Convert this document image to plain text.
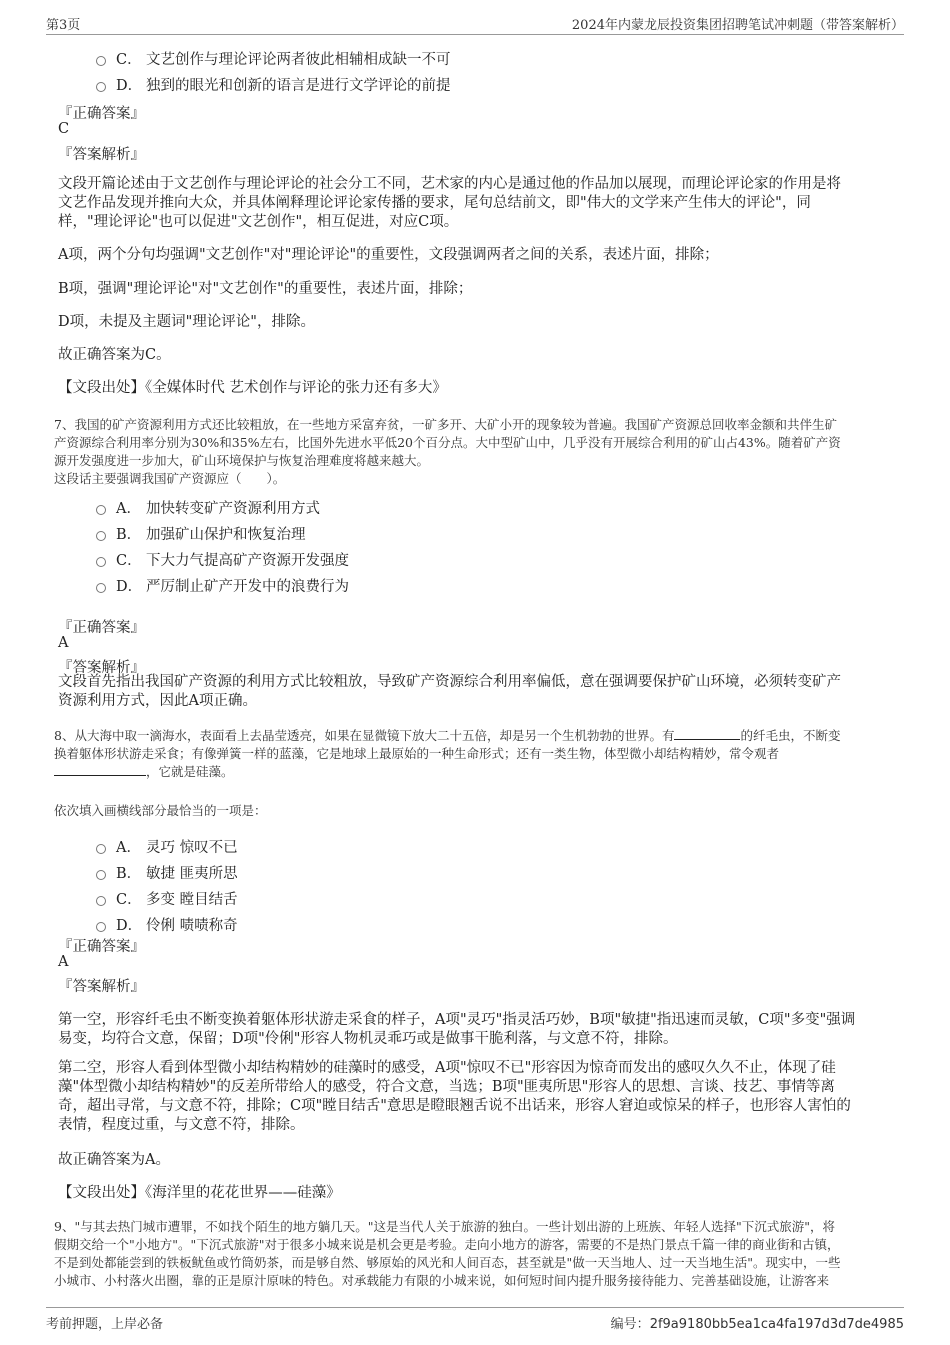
第3页	2024年内蒙龙辰投资集团招聘笔试冲刺题（带答案解析）
C． 文艺创作与理论评论两者彼此相辅相成缺一不可
D． 独到的眼光和创新的语言是进行文学评论的前提
『正确答案』
C
『答案解析』
文段开篇论述由于文艺创作与理论评论的社会分工不同，艺术家的内心是通过他的作品加以展现，而理论评论家的作用是将
文艺作品发现并推向大众，并具体阐释理论评论家传播的要求，尾句总结前文，即"伟大的文学来产生伟大的评论"，同
样，"理论评论"也可以促进"文艺创作"，相互促进，对应C项。
A项，两个分句均强调"文艺创作"对"理论评论"的重要性，文段强调两者之间的关系，表述片面，排除；
B项，强调"理论评论"对"文艺创作"的重要性，表述片面，排除；
D项，未提及主题词"理论评论"，排除。
故正确答案为C。
【文段出处】《全媒体时代 艺术创作与评论的张力还有多大》
7、我国的矿产资源利用方式还比较粗放，在一些地方采富弃贫，一矿多开、大矿小开的现象较为普遍。我国矿产资源总回收率金额和共伴生矿
产资源综合利用率分别为30%和35%左右，比国外先进水平低20个百分点。大中型矿山中，几乎没有开展综合利用的矿山占43%。随着矿产资
源开发强度进一步加大，矿山环境保护与恢复治理难度将越来越大。
这段话主要强调我国矿产资源应（　　）。
A． 加快转变矿产资源利用方式
B． 加强矿山保护和恢复治理
C． 下大力气提高矿产资源开发强度
D． 严厉制止矿产开发中的浪费行为
『正确答案』
A
『答案解析』
文段首先指出我国矿产资源的利用方式比较粗放，导致矿产资源综合利用率偏低，意在强调要保护矿山环境，必须转变矿产
资源利用方式，因此A项正确。
8、从大海中取一滴海水，表面看上去晶莹透亮，如果在显微镜下放大二十五倍，却是另一个生机勃勃的世界。有	的纤毛虫，不断变
换着躯体形状游走采食；有像弹簧一样的蓝藻，它是地球上最原始的一种生命形式；还有一类生物，体型微小却结构精妙，常令观者
，它就是硅藻。
依次填入画横线部分最恰当的一项是：
A． 灵巧 惊叹不已
B． 敏捷 匪夷所思
C． 多变 瞠目结舌
D． 伶俐 啧啧称奇
『正确答案』
A
『答案解析』
第一空，形容纤毛虫不断变换着躯体形状游走采食的样子，A项"灵巧"指灵活巧妙，B项"敏捷"指迅速而灵敏，C项"多变"强调
易变，均符合文意，保留；D项"伶俐"形容人物机灵乖巧或是做事干脆利落，与文意不符，排除。
第二空，形容人看到体型微小却结构精妙的硅藻时的感受，A项"惊叹不已"形容因为惊奇而发出的感叹久久不止，体现了硅
藻"体型微小却结构精妙"的反差所带给人的感受，符合文意，当选；B项"匪夷所思"形容人的思想、言谈、技艺、事情等离
奇，超出寻常，与文意不符，排除；C项"瞠目结舌"意思是瞪眼翘舌说不出话来，形容人窘迫或惊呆的样子，也形容人害怕的
表情，程度过重，与文意不符，排除。
故正确答案为A。
【文段出处】《海洋里的花花世界——硅藻》
9、"与其去热门城市遭罪，不如找个陌生的地方躺几天。"这是当代人关于旅游的独白。一些计划出游的上班族、年轻人选择"下沉式旅游"，将
假期交给一个"小地方"。"下沉式旅游"对于很多小城来说是机会更是考验。走向小地方的游客，需要的不是热门景点千篇一律的商业街和古镇，
不是到处都能尝到的铁板鱿鱼或竹筒奶茶，而是够自然、够原始的风光和人间百态，甚至就是"做一天当地人、过一天当地生活"。现实中，一些
小城市、小村落火出圈，靠的正是原汁原味的特色。对承载能力有限的小城来说，如何短时间内提升服务接待能力、完善基础设施，让游客来
考前押题，上岸必备	编号：2f9a9180bb5ea1ca4fa197d3d7de4985
